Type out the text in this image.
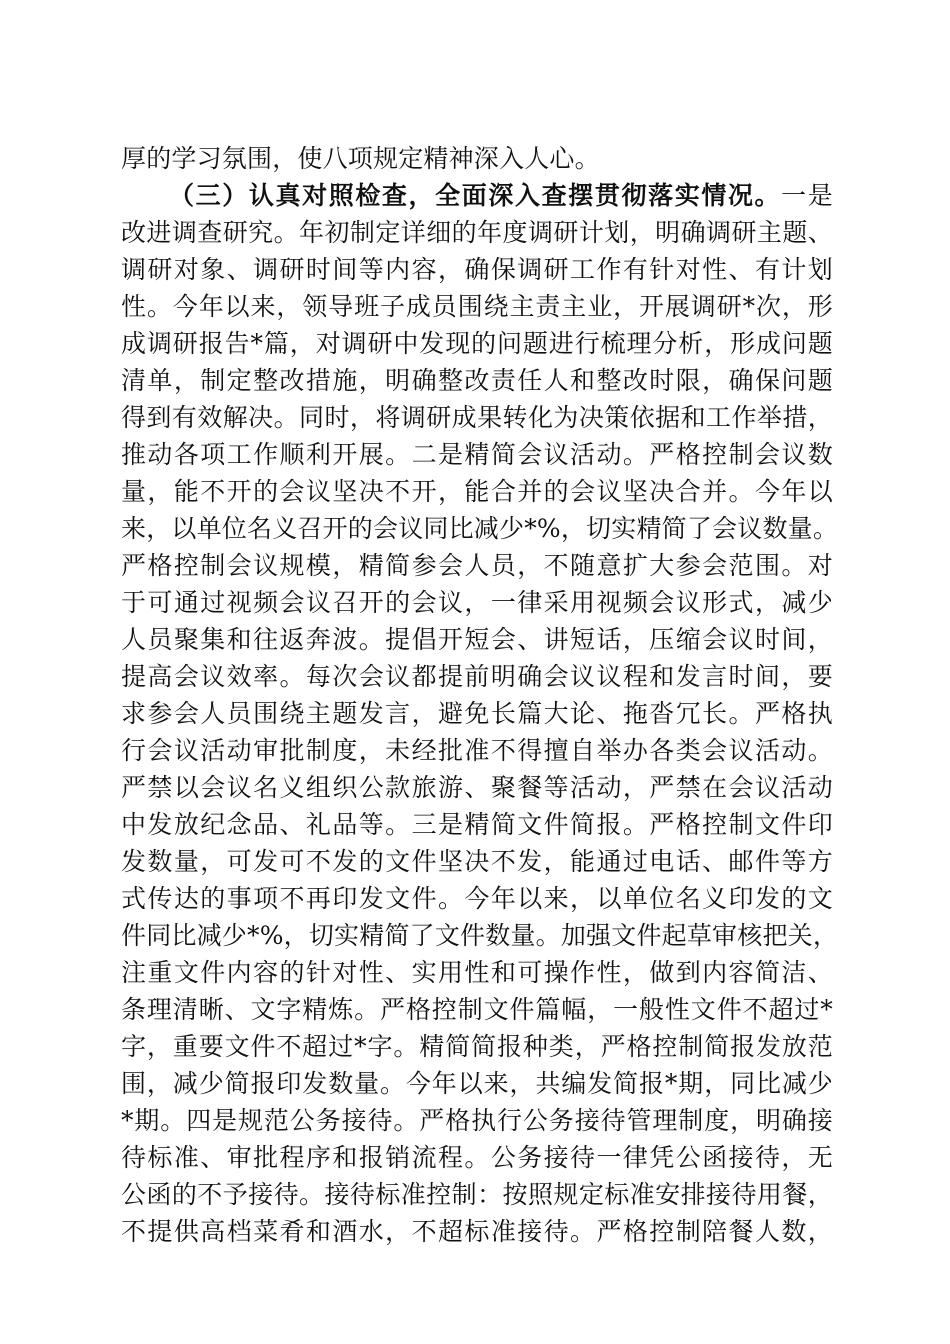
厚的学习氛围，使八项规定精神深入人心。
（三）认真对照检查，全面深入查摆贯彻落实情况。一是
改进调查研究。年初制定详细的年度调研计划，明确调研主题、
调研对象、调研时间等内容，确保调研工作有针对性、有计划
性。今年以来，领导班子成员围绕主责主业，开展调研*次，形
成调研报告*篇，对调研中发现的问题进行梳理分析，形成问题
清单，制定整改措施，明确整改责任人和整改时限，确保问题
得到有效解决。同时，将调研成果转化为决策依据和工作举措，
推动各项工作顺利开展。二是精简会议活动。严格控制会议数
量，能不开的会议坚决不开，能合并的会议坚决合并。今年以
来，以单位名义召开的会议同比减少*%，切实精简了会议数量。
严格控制会议规模，精简参会人员，不随意扩大参会范围。对
于可通过视频会议召开的会议，一律采用视频会议形式，减少
人员聚集和往返奔波。提倡开短会、讲短话，压缩会议时间，
提高会议效率。每次会议都提前明确会议议程和发言时间，要
求参会人员围绕主题发言，避免长篇大论、拖沓冗长。严格执
行会议活动审批制度，未经批准不得擅自举办各类会议活动。
严禁以会议名义组织公款旅游、聚餐等活动，严禁在会议活动
中发放纪念品、礼品等。三是精简文件简报。严格控制文件印
发数量，可发可不发的文件坚决不发，能通过电话、邮件等方
式传达的事项不再印发文件。今年以来，以单位名义印发的文
件同比减少*%，切实精简了文件数量。加强文件起草审核把关，
注重文件内容的针对性、实用性和可操作性，做到内容简洁、
条理清晰、文字精炼。严格控制文件篇幅，一般性文件不超过*
字，重要文件不超过*字。精简简报种类，严格控制简报发放范
围，减少简报印发数量。今年以来，共编发简报*期，同比减少
*期。四是规范公务接待。严格执行公务接待管理制度，明确接
待标准、审批程序和报销流程。公务接待一律凭公函接待，无
公函的不予接待。接待标准控制：按照规定标准安排接待用餐，
不提供高档菜肴和酒水，不超标准接待。严格控制陪餐人数，
